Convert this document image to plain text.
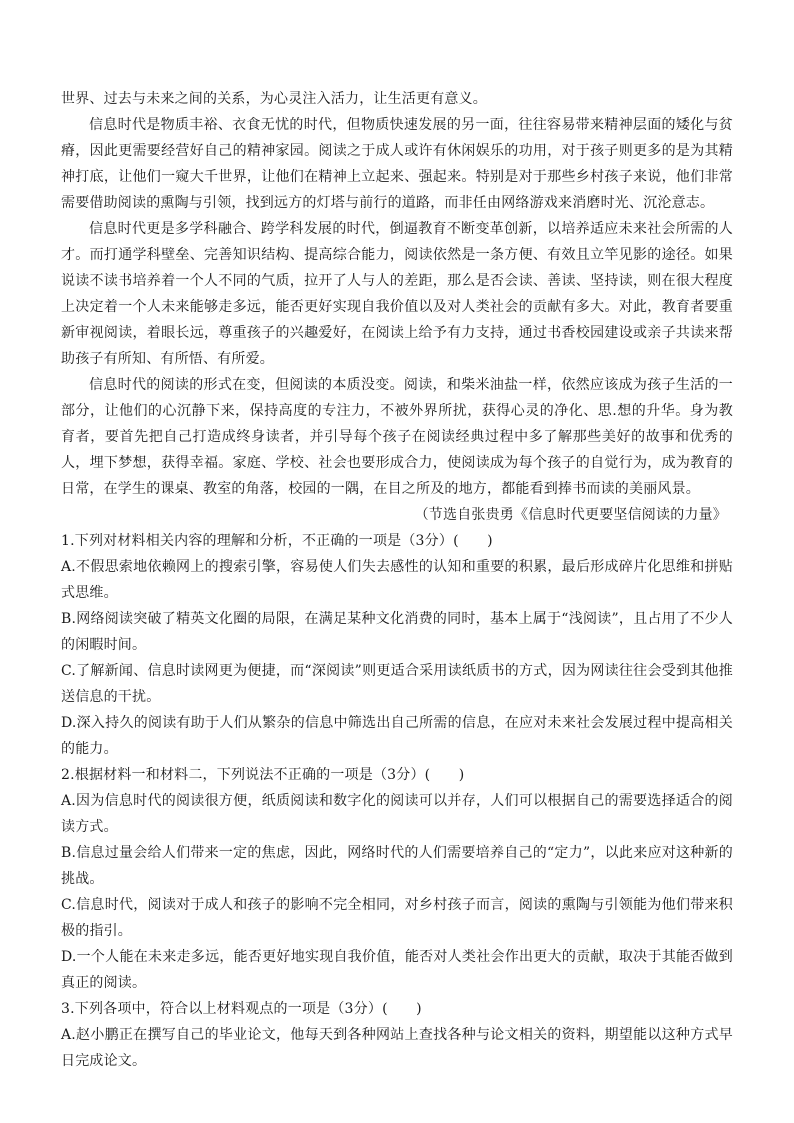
世界、过去与未来之间的关系，为心灵注入活力，让生活更有意义。

信息时代是物质丰裕、衣食无忧的时代，但物质快速发展的另一面，往往容易带来精神层面的矮化与贫瘠，因此更需要经营好自己的精神家园。阅读之于成人或许有休闲娱乐的功用，对于孩子则更多的是为其精神打底，让他们一窥大千世界，让他们在精神上立起来、强起来。特别是对于那些乡村孩子来说，他们非常需要借助阅读的熏陶与引领，找到远方的灯塔与前行的道路，而非任由网络游戏来消磨时光、沉沦意志。

信息时代更是多学科融合、跨学科发展的时代，倒逼教育不断变革创新，以培养适应未来社会所需的人才。而打通学科壁垒、完善知识结构、提高综合能力，阅读依然是一条方便、有效且立竿见影的途径。如果说读不读书培养着一个人不同的气质，拉开了人与人的差距，那么是否会读、善读、坚持读，则在很大程度上决定着一个人未来能够走多远，能否更好实现自我价值以及对人类社会的贡献有多大。对此，教育者要重新审视阅读，着眼长远，尊重孩子的兴趣爱好，在阅读上给予有力支持，通过书香校园建设或亲子共读来帮助孩子有所知、有所悟、有所爱。

信息时代的阅读的形式在变，但阅读的本质没变。阅读，和柴米油盐一样，依然应该成为孩子生活的一部分，让他们的心沉静下来，保持高度的专注力，不被外界所扰，获得心灵的净化、思.想的升华。身为教育者，要首先把自己打造成终身读者，并引导每个孩子在阅读经典过程中多了解那些美好的故事和优秀的人，埋下梦想，获得幸福。家庭、学校、社会也要形成合力，使阅读成为每个孩子的自觉行为，成为教育的日常，在学生的课桌、教室的角落，校园的一隅，在目之所及的地方，都能看到捧书而读的美丽风景。

（节选自张贵勇《信息时代更要坚信阅读的力量》

1.下列对材料相关内容的理解和分析，不正确的一项是（3分）(　　)

A.不假思索地依赖网上的搜索引擎，容易使人们失去感性的认知和重要的积累，最后形成碎片化思维和拼贴式思维。

B.网络阅读突破了精英文化圈的局限，在满足某种文化消费的同时，基本上属于“浅阅读”，且占用了不少人的闲暇时间。

C.了解新闻、信息时读网更为便捷，而“深阅读”则更适合采用读纸质书的方式，因为网读往往会受到其他推送信息的干扰。

D.深入持久的阅读有助于人们从繁杂的信息中筛选出自己所需的信息，在应对未来社会发展过程中提高相关的能力。

2.根据材料一和材料二，下列说法不正确的一项是（3分）(　　)

A.因为信息时代的阅读很方便，纸质阅读和数字化的阅读可以并存，人们可以根据自己的需要选择适合的阅读方式。

B.信息过量会给人们带来一定的焦虑，因此，网络时代的人们需要培养自己的“定力”，以此来应对这种新的挑战。

C.信息时代，阅读对于成人和孩子的影响不完全相同，对乡村孩子而言，阅读的熏陶与引领能为他们带来积极的指引。

D.一个人能在未来走多远，能否更好地实现自我价值，能否对人类社会作出更大的贡献，取决于其能否做到真正的阅读。

3.下列各项中，符合以上材料观点的一项是（3分）(　　)

A.赵小鹏正在撰写自己的毕业论文，他每天到各种网站上查找各种与论文相关的资料，期望能以这种方式早日完成论文。
